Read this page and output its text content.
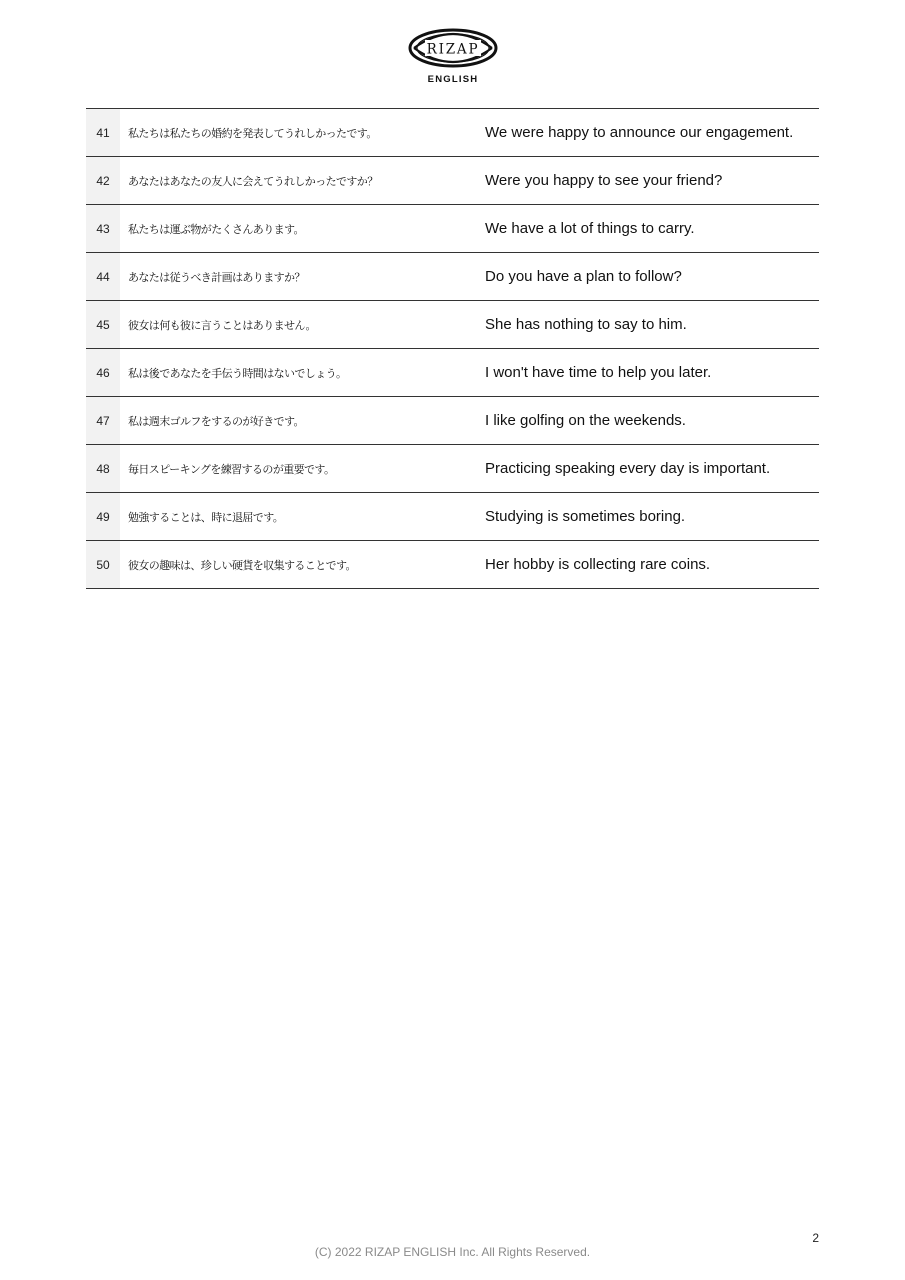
RIZAP
ENGLISH
41	私たちは私たちの婚約を発表してうれしかったです。	We were happy to announce our engagement.
42	あなたはあなたの友人に会えてうれしかったですか？	Were you happy to see your friend?
43	私たちは運ぶ物がたくさんあります。	We have a lot of things to carry.
44	あなたは従うべき計画はありますか？	Do you have a plan to follow?
45	彼女は何も彼に言うことはありません。	She has nothing to say to him.
46	私は後であなたを手伝う時間はないでしょう。	I won't have time to help you later.
47	私は週末ゴルフをするのが好きです。	I like golfing on the weekends.
48	毎日スピーキングを練習するのが重要です。	Practicing speaking every day is important.
49	勉強することは、時に退屈です。	Studying is sometimes boring.
50	彼女の趣味は、珍しい硬貨を収集することです。	Her hobby is collecting rare coins.
2
(C) 2022 RIZAP ENGLISH Inc. All Rights Reserved.
